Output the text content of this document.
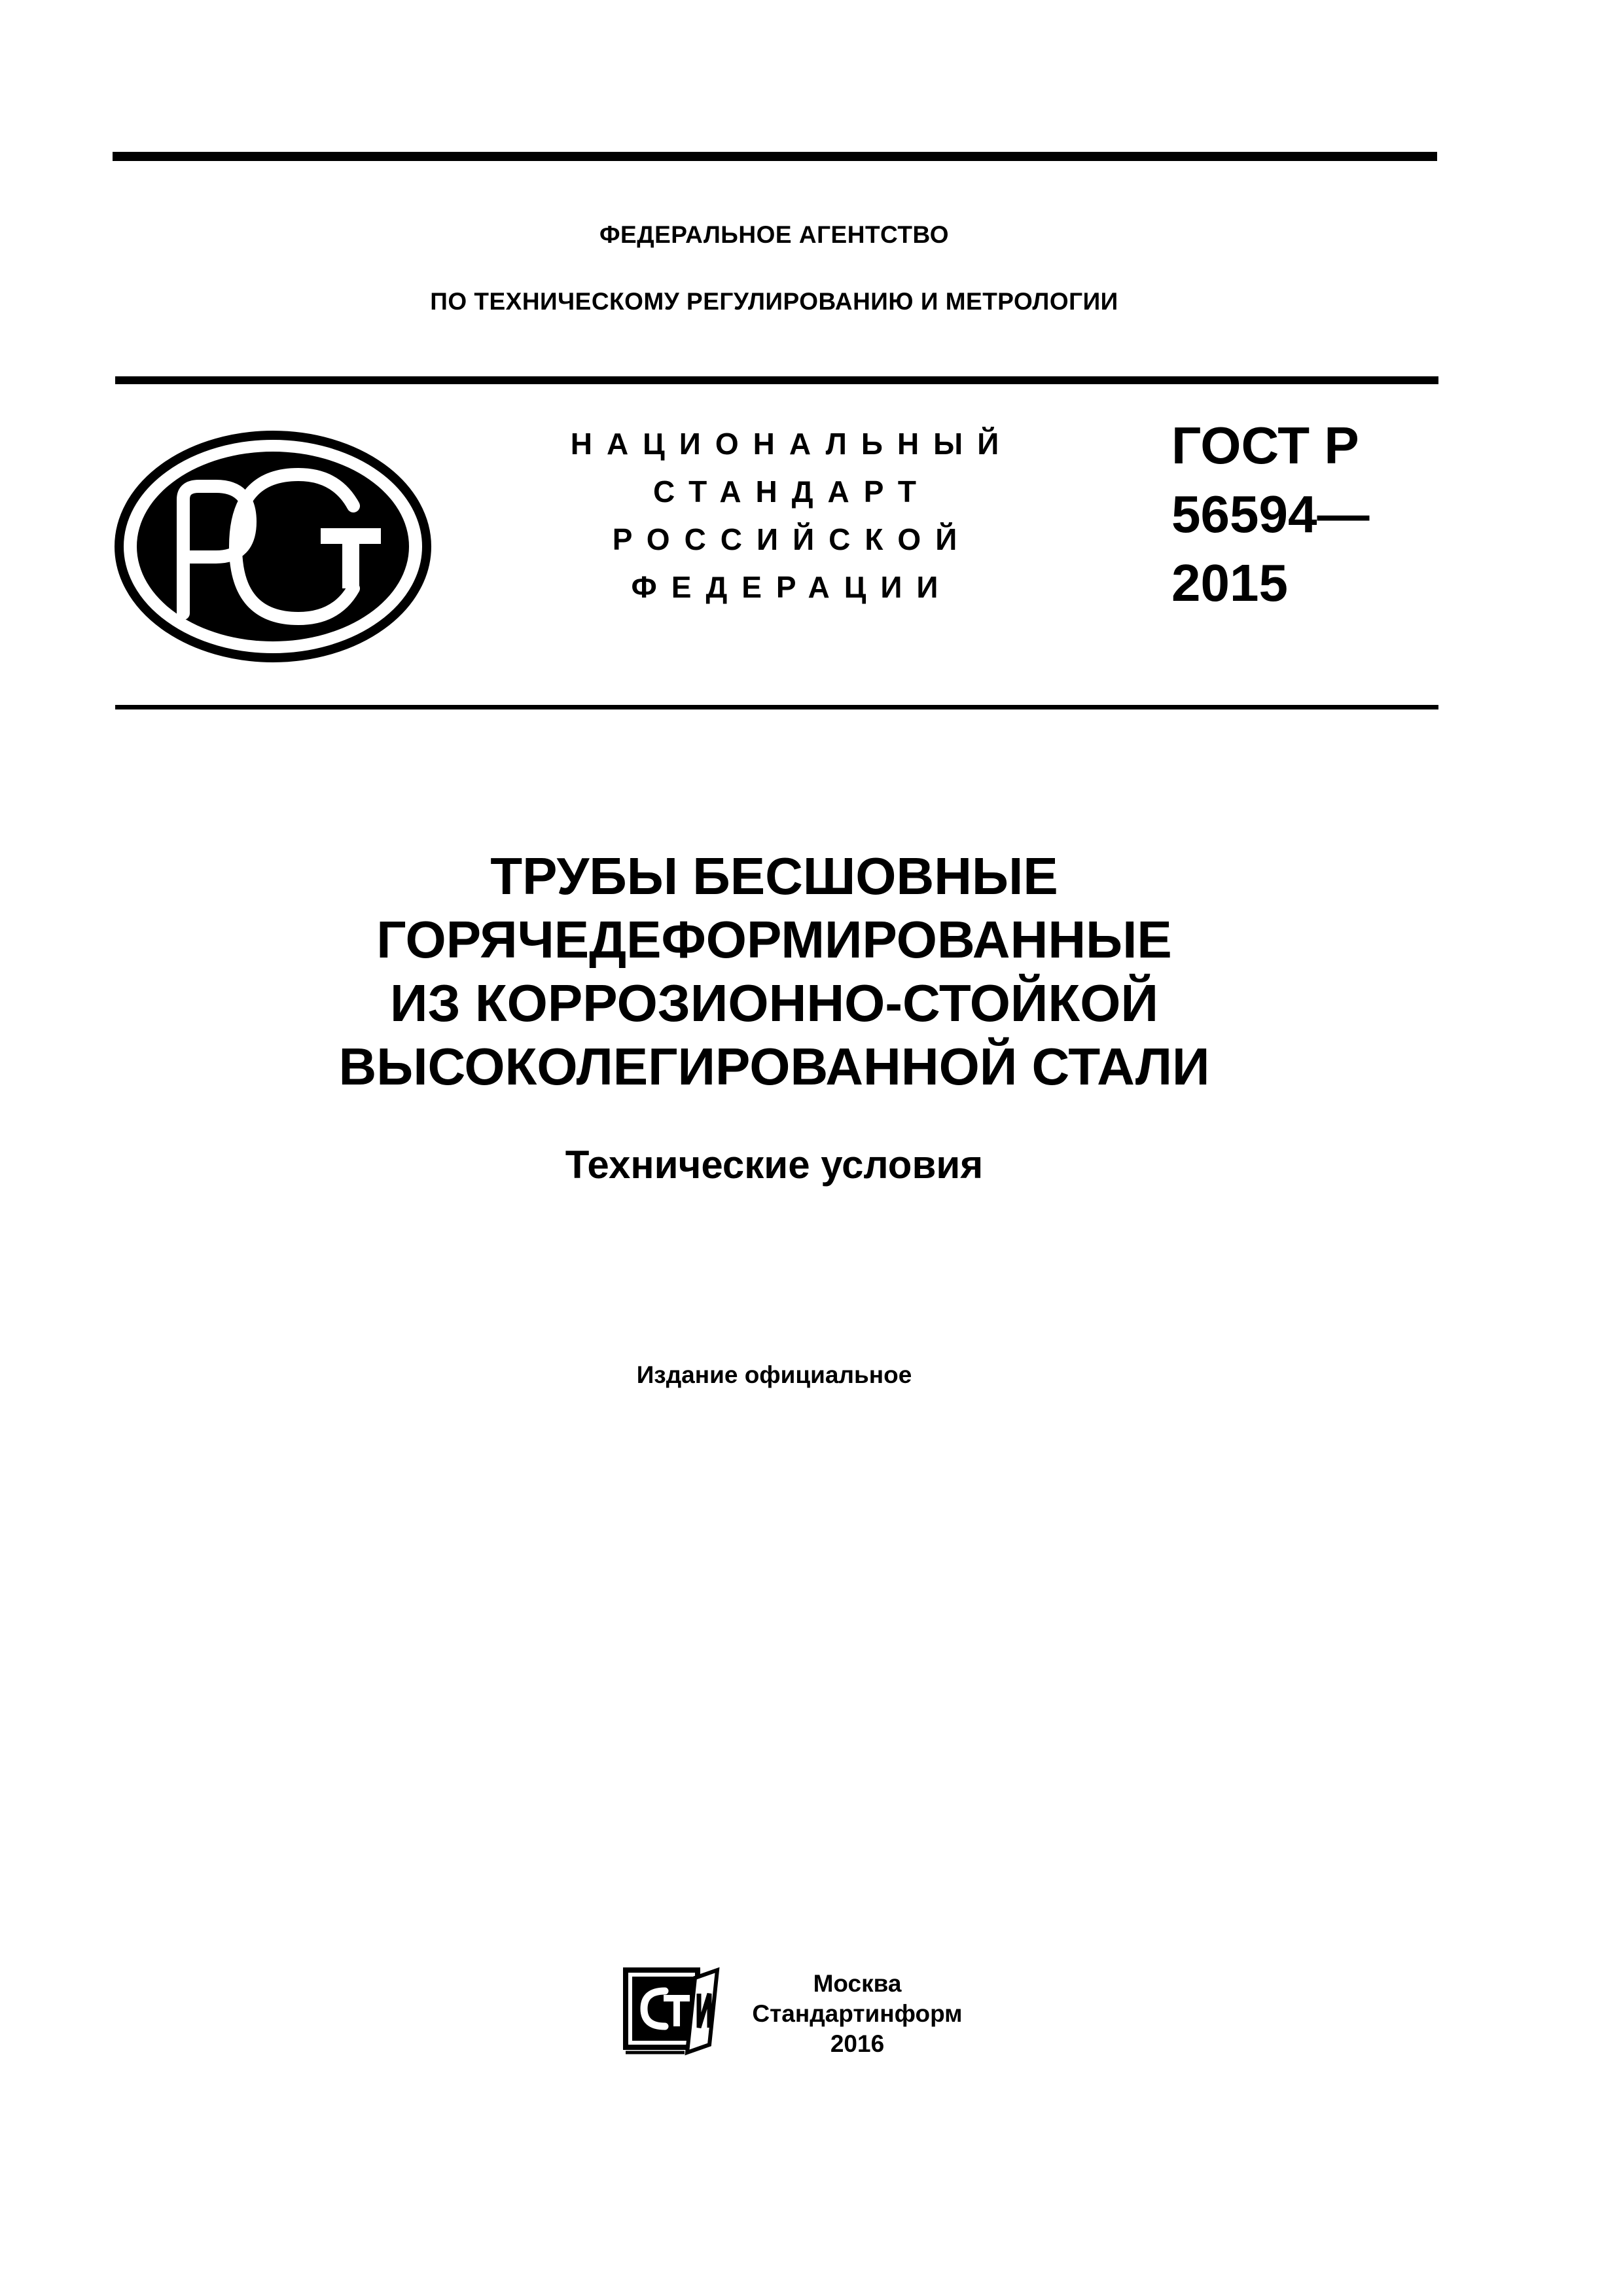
ФЕДЕРАЛЬНОЕ АГЕНТСТВО
ПО ТЕХНИЧЕСКОМУ РЕГУЛИРОВАНИЮ И МЕТРОЛОГИИ
НАЦИОНАЛЬНЫЙ
СТАНДАРТ
РОССИЙСКОЙ
ФЕДЕРАЦИИ
ГОСТ Р
56594—
2015
ТРУБЫ БЕСШОВНЫЕ
ГОРЯЧЕДЕФОРМИРОВАННЫЕ
ИЗ КОРРОЗИОННО-СТОЙКОЙ
ВЫСОКОЛЕГИРОВАННОЙ СТАЛИ
Технические условия
Издание официальное
Москва
Стандартинформ
2016
